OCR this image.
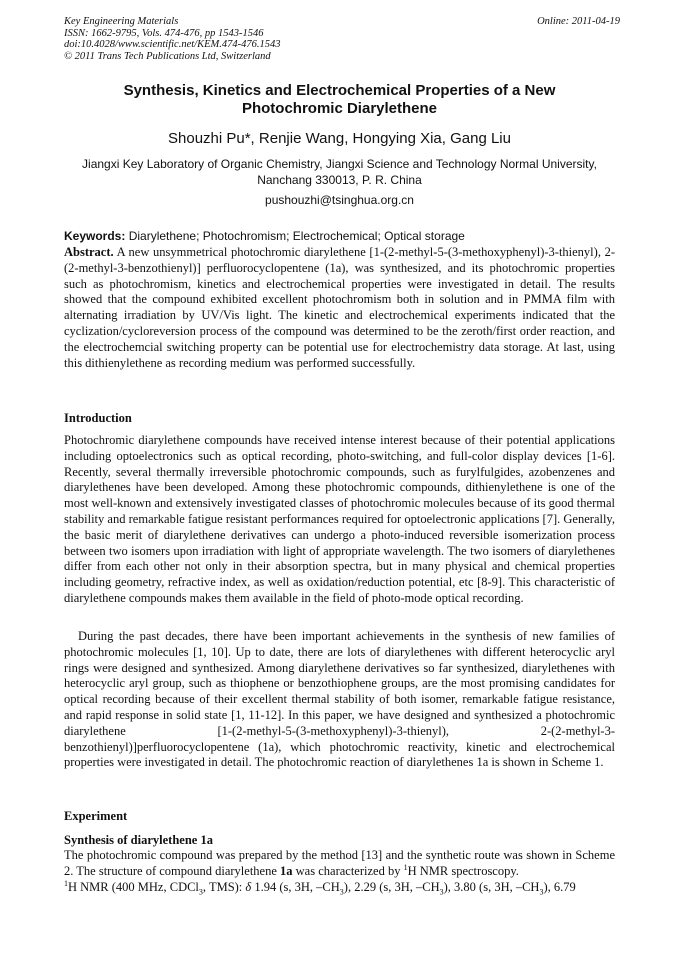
Key Engineering Materials
ISSN: 1662-9795, Vols. 474-476, pp 1543-1546
doi:10.4028/www.scientific.net/KEM.474-476.1543
© 2011 Trans Tech Publications Ltd, Switzerland
Online: 2011-04-19
Synthesis, Kinetics and Electrochemical Properties of a New
Photochromic Diarylethene
Shouzhi Pu*, Renjie Wang, Hongying Xia, Gang Liu
Jiangxi Key Laboratory of Organic Chemistry, Jiangxi Science and Technology Normal University,
Nanchang 330013, P. R. China
pushouzhi@tsinghua.org.cn
Keywords: Diarylethene; Photochromism; Electrochemical; Optical storage
Abstract. A new unsymmetrical photochromic diarylethene [1-(2-methyl-5-(3-methoxyphenyl)-3-thienyl), 2-(2-methyl-3-benzothienyl)] perfluorocyclopentene (1a), was synthesized, and its photochromic properties such as photochromism, kinetics and electrochemical properties were investigated in detail. The results showed that the compound exhibited excellent photochromism both in solution and in PMMA film with alternating irradiation by UV/Vis light. The kinetic and electrochemical experiments indicated that the cyclization/cycloreversion process of the compound was determined to be the zeroth/first order reaction, and the electrochemcial switching property can be potential use for electrochemistry data storage. At last, using this dithienylethene as recording medium was performed successfully.
Introduction
Photochromic diarylethene compounds have received intense interest because of their potential applications including optoelectronics such as optical recording, photo-switching, and full-color display devices [1-6]. Recently, several thermally irreversible photochromic compounds, such as furylfulgides, azobenzenes and diarylethenes have been developed. Among these photochromic compounds, dithienylethene is one of the most well-known and extensively investigated classes of photochromic molecules because of its good thermal stability and remarkable fatigue resistant performances required for optoelectronic applications [7]. Generally, the basic merit of diarylethene derivatives can undergo a photo-induced reversible isomerization process between two isomers upon irradiation with light of appropriate wavelength. The two isomers of diarylethenes differ from each other not only in their absorption spectra, but in many physical and chemical properties including geometry, refractive index, as well as oxidation/reduction potential, etc [8-9]. This characteristic of diarylethene compounds makes them available in the field of photo-mode optical recording.
During the past decades, there have been important achievements in the synthesis of new families of photochromic molecules [1, 10]. Up to date, there are lots of diarylethenes with different heterocyclic aryl rings were designed and synthesized. Among diarylethene derivatives so far synthesized, diarylethenes with heterocyclic aryl group, such as thiophene or benzothiophene groups, are the most promising candidates for optical recording because of their excellent thermal stability of both isomer, remarkable fatigue resistance, and rapid response in solid state [1, 11-12]. In this paper, we have designed and synthesized a photochromic diarylethene [1-(2-methyl-5-(3-methoxyphenyl)-3-thienyl), 2-(2-methyl-3-benzothienyl)]perfluorocyclopentene (1a), which photochromic reactivity, kinetic and electrochemical properties were investigated in detail. The photochromic reaction of diarylethenes 1a is shown in Scheme 1.
Experiment
Synthesis of diarylethene 1a
The photochromic compound was prepared by the method [13] and the synthetic route was shown in Scheme 2. The structure of compound diarylethene 1a was characterized by $^1$H NMR spectroscopy.
$^1$H NMR (400 MHz, CDCl$_3$, TMS): δ 1.94 (s, 3H, $-CH_3$), 2.29 (s, 3H, $-CH_3$), 3.80 (s, 3H, $-CH_3$), 6.79
